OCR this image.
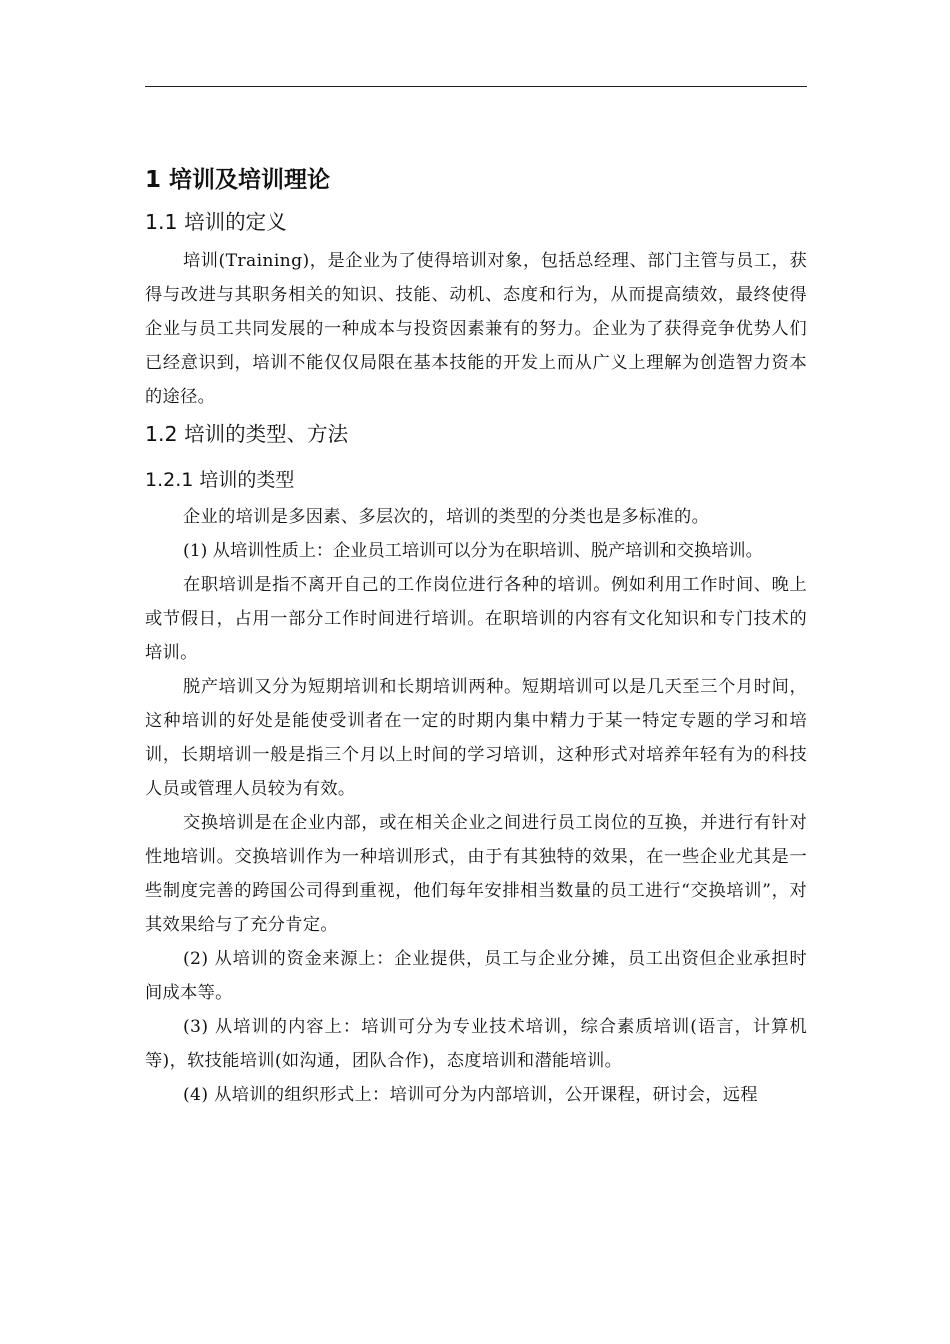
1 培训及培训理论
1.1 培训的定义

培训(Training)，是企业为了使得培训对象，包括总经理、部门主管与员工，获得与改进与其职务相关的知识、技能、动机、态度和行为，从而提高绩效，最终使得企业与员工共同发展的一种成本与投资因素兼有的努力。企业为了获得竞争优势人们已经意识到，培训不能仅仅局限在基本技能的开发上而从广义上理解为创造智力资本的途径。

1.2 培训的类型、方法
1.2.1 培训的类型

企业的培训是多因素、多层次的，培训的类型的分类也是多标准的。

(1) 从培训性质上：企业员工培训可以分为在职培训、脱产培训和交换培训。

在职培训是指不离开自己的工作岗位进行各种的培训。例如利用工作时间、晚上或节假日，占用一部分工作时间进行培训。在职培训的内容有文化知识和专门技术的培训。

脱产培训又分为短期培训和长期培训两种。短期培训可以是几天至三个月时间，这种培训的好处是能使受训者在一定的时期内集中精力于某一特定专题的学习和培训，长期培训一般是指三个月以上时间的学习培训，这种形式对培养年轻有为的科技人员或管理人员较为有效。

交换培训是在企业内部，或在相关企业之间进行员工岗位的互换，并进行有针对性地培训。交换培训作为一种培训形式，由于有其独特的效果，在一些企业尤其是一些制度完善的跨国公司得到重视，他们每年安排相当数量的员工进行“交换培训”，对其效果给与了充分肯定。

(2) 从培训的资金来源上：企业提供，员工与企业分摊，员工出资但企业承担时间成本等。

(3) 从培训的内容上：培训可分为专业技术培训，综合素质培训(语言，计算机等)，软技能培训(如沟通，团队合作)，态度培训和潜能培训。

(4) 从培训的组织形式上：培训可分为内部培训，公开课程，研讨会，远程
